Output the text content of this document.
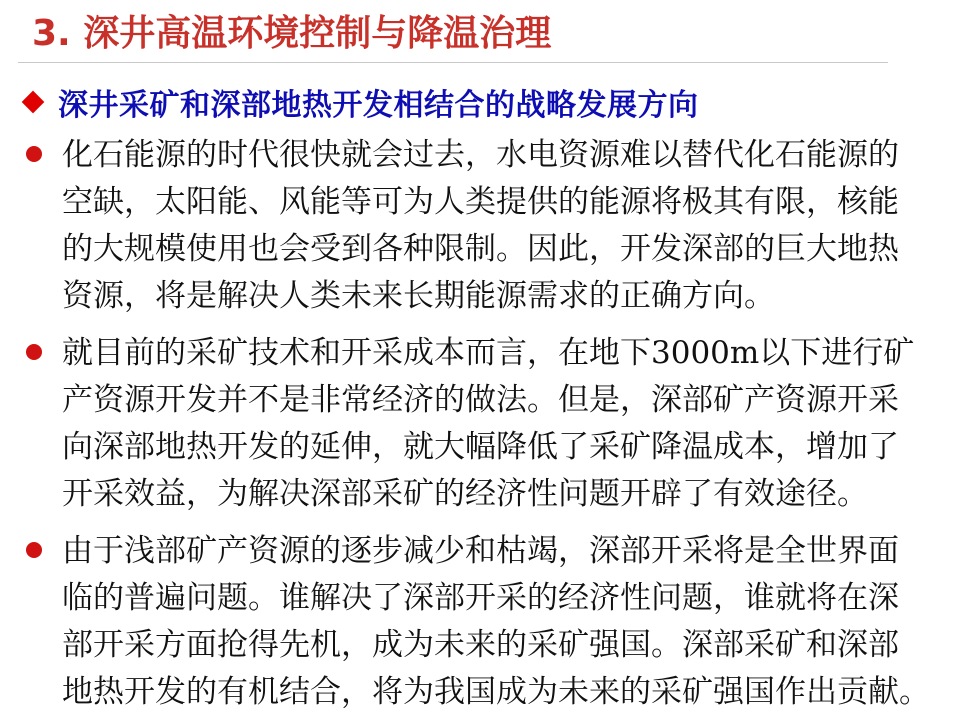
3. 深井高温环境控制与降温治理
深井采矿和深部地热开发相结合的战略发展方向
化石能源的时代很快就会过去，水电资源难以替代化石能源的
空缺，太阳能、风能等可为人类提供的能源将极其有限，核能
的大规模使用也会受到各种限制。因此，开发深部的巨大地热
资源，将是解决人类未来长期能源需求的正确方向。
就目前的采矿技术和开采成本而言，在地下3000m以下进行矿
产资源开发并不是非常经济的做法。但是，深部矿产资源开采
向深部地热开发的延伸，就大幅降低了采矿降温成本，增加了
开采效益，为解决深部采矿的经济性问题开辟了有效途径。
由于浅部矿产资源的逐步减少和枯竭，深部开采将是全世界面
临的普遍问题。谁解决了深部开采的经济性问题，谁就将在深
部开采方面抢得先机，成为未来的采矿强国。深部采矿和深部
地热开发的有机结合，将为我国成为未来的采矿强国作出贡献。
